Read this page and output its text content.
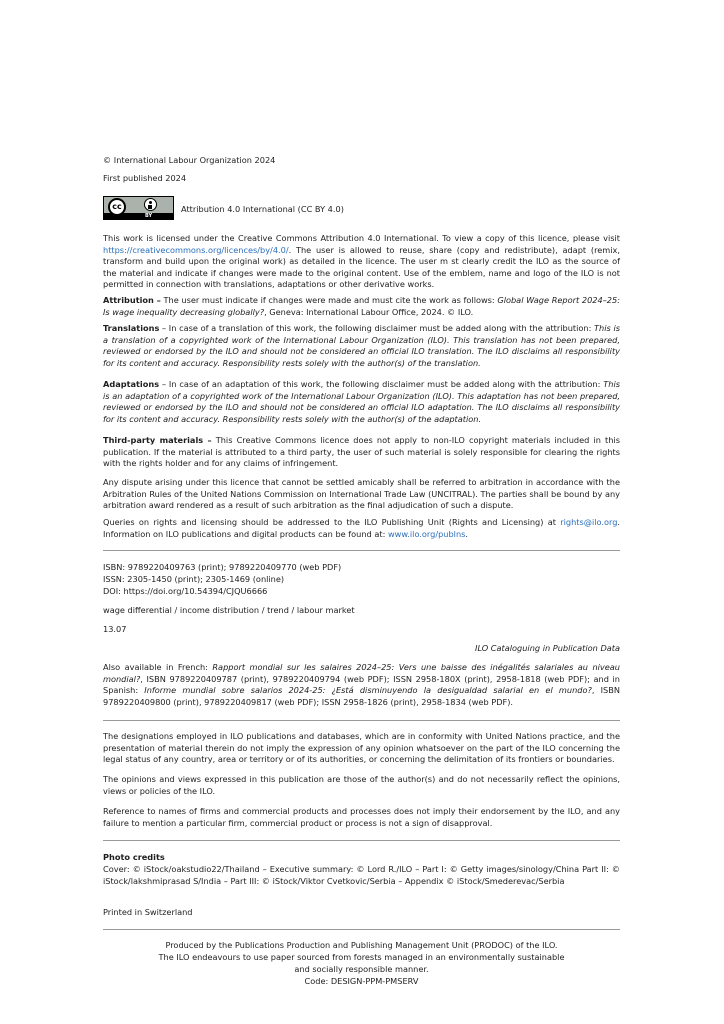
© International Labour Organization 2024

First published 2024

cc
BY

Attribution 4.0 International (CC BY 4.0)

This work is licensed under the Creative Commons Attribution 4.0 International. To view a copy of this licence, please visit https://creativecommons.org/licences/by/4.0/. The user is allowed to reuse, share (copy and redistribute), adapt (remix, transform and build upon the original work) as detailed in the licence. The user m st clearly credit the ILO as the source of the material and indicate if changes were made to the original content. Use of the emblem, name and logo of the ILO is not permitted in connection with translations, adaptations or other derivative works.

Attribution – The user must indicate if changes were made and must cite the work as follows: Global Wage Report 2024–25: Is wage inequality decreasing globally?, Geneva: International Labour Office, 2024. © ILO.

Translations – In case of a translation of this work, the following disclaimer must be added along with the attribution: This is a translation of a copyrighted work of the International Labour Organization (ILO). This translation has not been prepared, reviewed or endorsed by the ILO and should not be considered an official ILO translation. The ILO disclaims all responsibility for its content and accuracy. Responsibility rests solely with the author(s) of the translation.

Adaptations – In case of an adaptation of this work, the following disclaimer must be added along with the attribution: This is an adaptation of a copyrighted work of the International Labour Organization (ILO). This adaptation has not been prepared, reviewed or endorsed by the ILO and should not be considered an official ILO adaptation. The ILO disclaims all responsibility for its content and accuracy. Responsibility rests solely with the author(s) of the adaptation.

Third-party materials – This Creative Commons licence does not apply to non-ILO copyright materials included in this publication. If the material is attributed to a third party, the user of such material is solely responsible for clearing the rights with the rights holder and for any claims of infringement.

Any dispute arising under this licence that cannot be settled amicably shall be referred to arbitration in accordance with the Arbitration Rules of the United Nations Commission on International Trade Law (UNCITRAL). The parties shall be bound by any arbitration award rendered as a result of such arbitration as the final adjudication of such a dispute.

Queries on rights and licensing should be addressed to the ILO Publishing Unit (Rights and Licensing) at rights@ilo.org. Information on ILO publications and digital products can be found at: www.ilo.org/publns.

ISBN: 9789220409763 (print); 9789220409770 (web PDF)

ISSN: 2305-1450 (print); 2305-1469 (online)

DOI: https://doi.org/10.54394/CJQU6666

wage differential / income distribution / trend / labour market

13.07

ILO Cataloguing in Publication Data

Also available in French: Rapport mondial sur les salaires 2024–25: Vers une baisse des inégalités salariales au niveau mondial?, ISBN 9789220409787 (print), 9789220409794 (web PDF); ISSN 2958-180X (print), 2958-1818 (web PDF); and in Spanish: Informe mundial sobre salarios 2024-25: ¿Está disminuyendo la desigualdad salarial en el mundo?, ISBN 9789220409800 (print), 9789220409817 (web PDF); ISSN 2958-1826 (print), 2958-1834 (web PDF).

The designations employed in ILO publications and databases, which are in conformity with United Nations practice, and the presentation of material therein do not imply the expression of any opinion whatsoever on the part of the ILO concerning the legal status of any country, area or territory or of its authorities, or concerning the delimitation of its frontiers or boundaries.

The opinions and views expressed in this publication are those of the author(s) and do not necessarily reflect the opinions, views or policies of the ILO.

Reference to names of firms and commercial products and processes does not imply their endorsement by the ILO, and any failure to mention a particular firm, commercial product or process is not a sign of disapproval.

Photo credits

Cover: © iStock/oakstudio22/Thailand – Executive summary: © Lord R./ILO – Part I: © Getty images/sinology/China Part II: © iStock/lakshmiprasad S/India – Part III: © iStock/Viktor Cvetkovic/Serbia – Appendix © iStock/Smederevac/Serbia

Printed in Switzerland

Produced by the Publications Production and Publishing Management Unit (PRODOC) of the ILO.

The ILO endeavours to use paper sourced from forests managed in an environmentally sustainable

and socially responsible manner.

Code: DESIGN-PPM-PMSERV
